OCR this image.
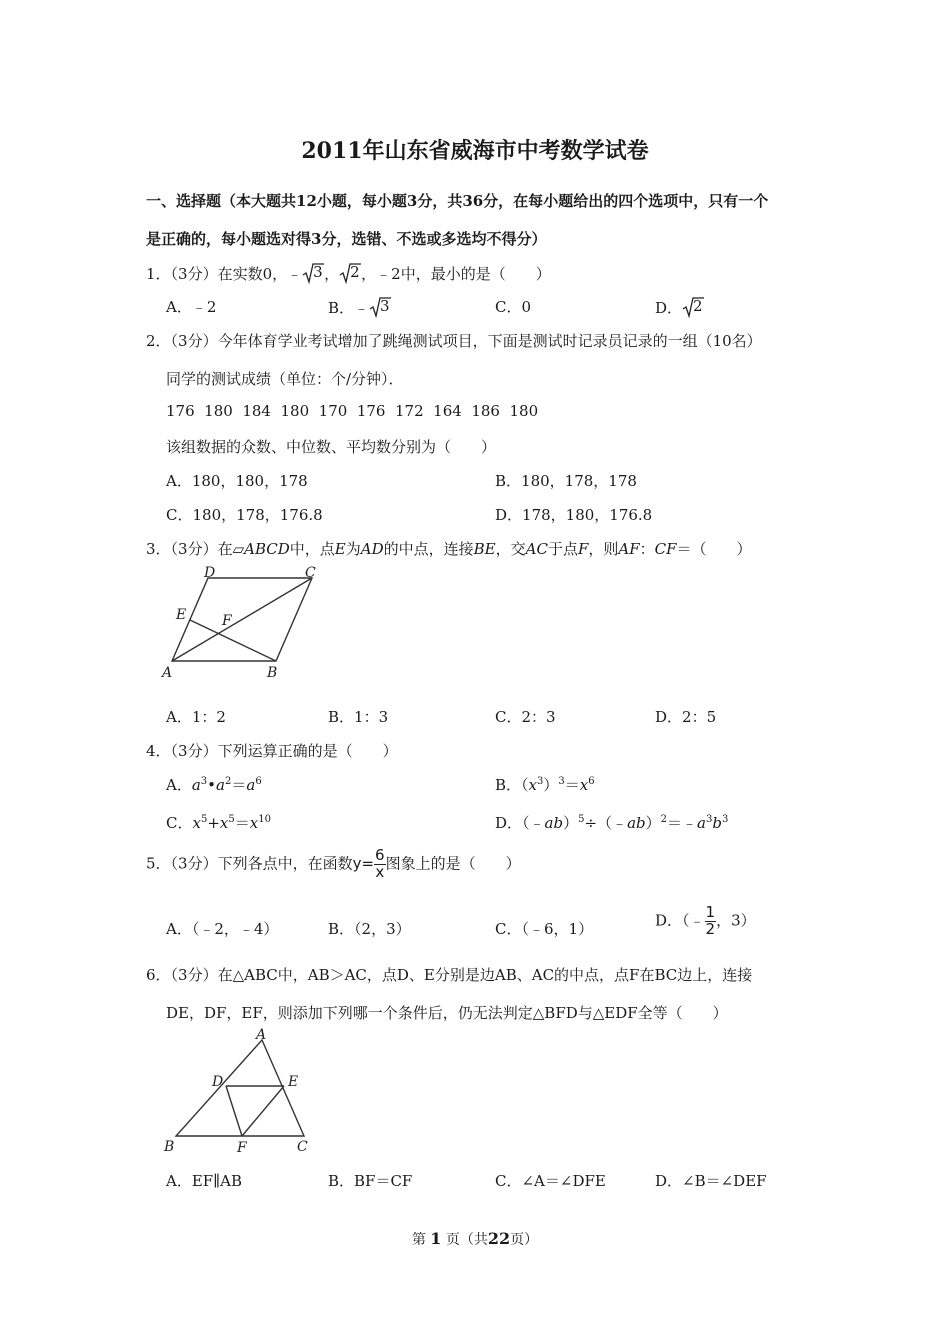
2011年山东省威海市中考数学试卷
一、选择题（本大题共12小题，每小题3分，共36分，在每小题给出的四个选项中，只有一个
是正确的，每小题选对得3分，选错、不选或多选均不得分）
1．（3分）在实数0，﹣ 3 ， 2 ，﹣2中，最小的是（　　）
A．﹣2	B．﹣ 3	C．0	D． 2
2．（3分）今年体育学业考试增加了跳绳测试项目，下面是测试时记录员记录的一组（10名）
同学的测试成绩（单位：个/分钟）．
176  180  184  180  170  176  172  164  186  180
该组数据的众数、中位数、平均数分别为（　　）
A．180，180，178	B．180，178，178
C．180，178，176.8	D．178，180，176.8
3．（3分）在▱ABCD中，点E为AD的中点，连接BE，交AC于点F，则AF：CF＝（　　）
A	B
C
D
E	F
A．1：2	B．1：3	C．2：3	D．2：5
4．（3分）下列运算正确的是（　　）
A．$a^3•a^2=a^6$	B．$(x^3)^3=x^6$
C．$x^5+x^5=x^{10}$	D．$(﹣ab)^5\div(﹣ab)^2=﹣a^3b^3$
5．（3分）下列各点中，在函数$y= \frac{6}{x}$ 图象上的是（　　）
A．（﹣2，﹣4）	B．（2，3）	C．（﹣6，1）	D．（﹣ $\frac{1}{2}$ ，3）
6．（3分）在△ABC中，AB＞AC，点D、E分别是边AB、AC的中点，点F在BC边上，连接
DE，DF，EF，则添加下列哪一个条件后，仍无法判定△BFD与△EDF全等（　　）
A
B	C
D	E
F
A．EF∥AB	B．BF＝CF	C．∠A＝∠DFE	D．∠B＝∠DEF
第 1 页（共22页）
